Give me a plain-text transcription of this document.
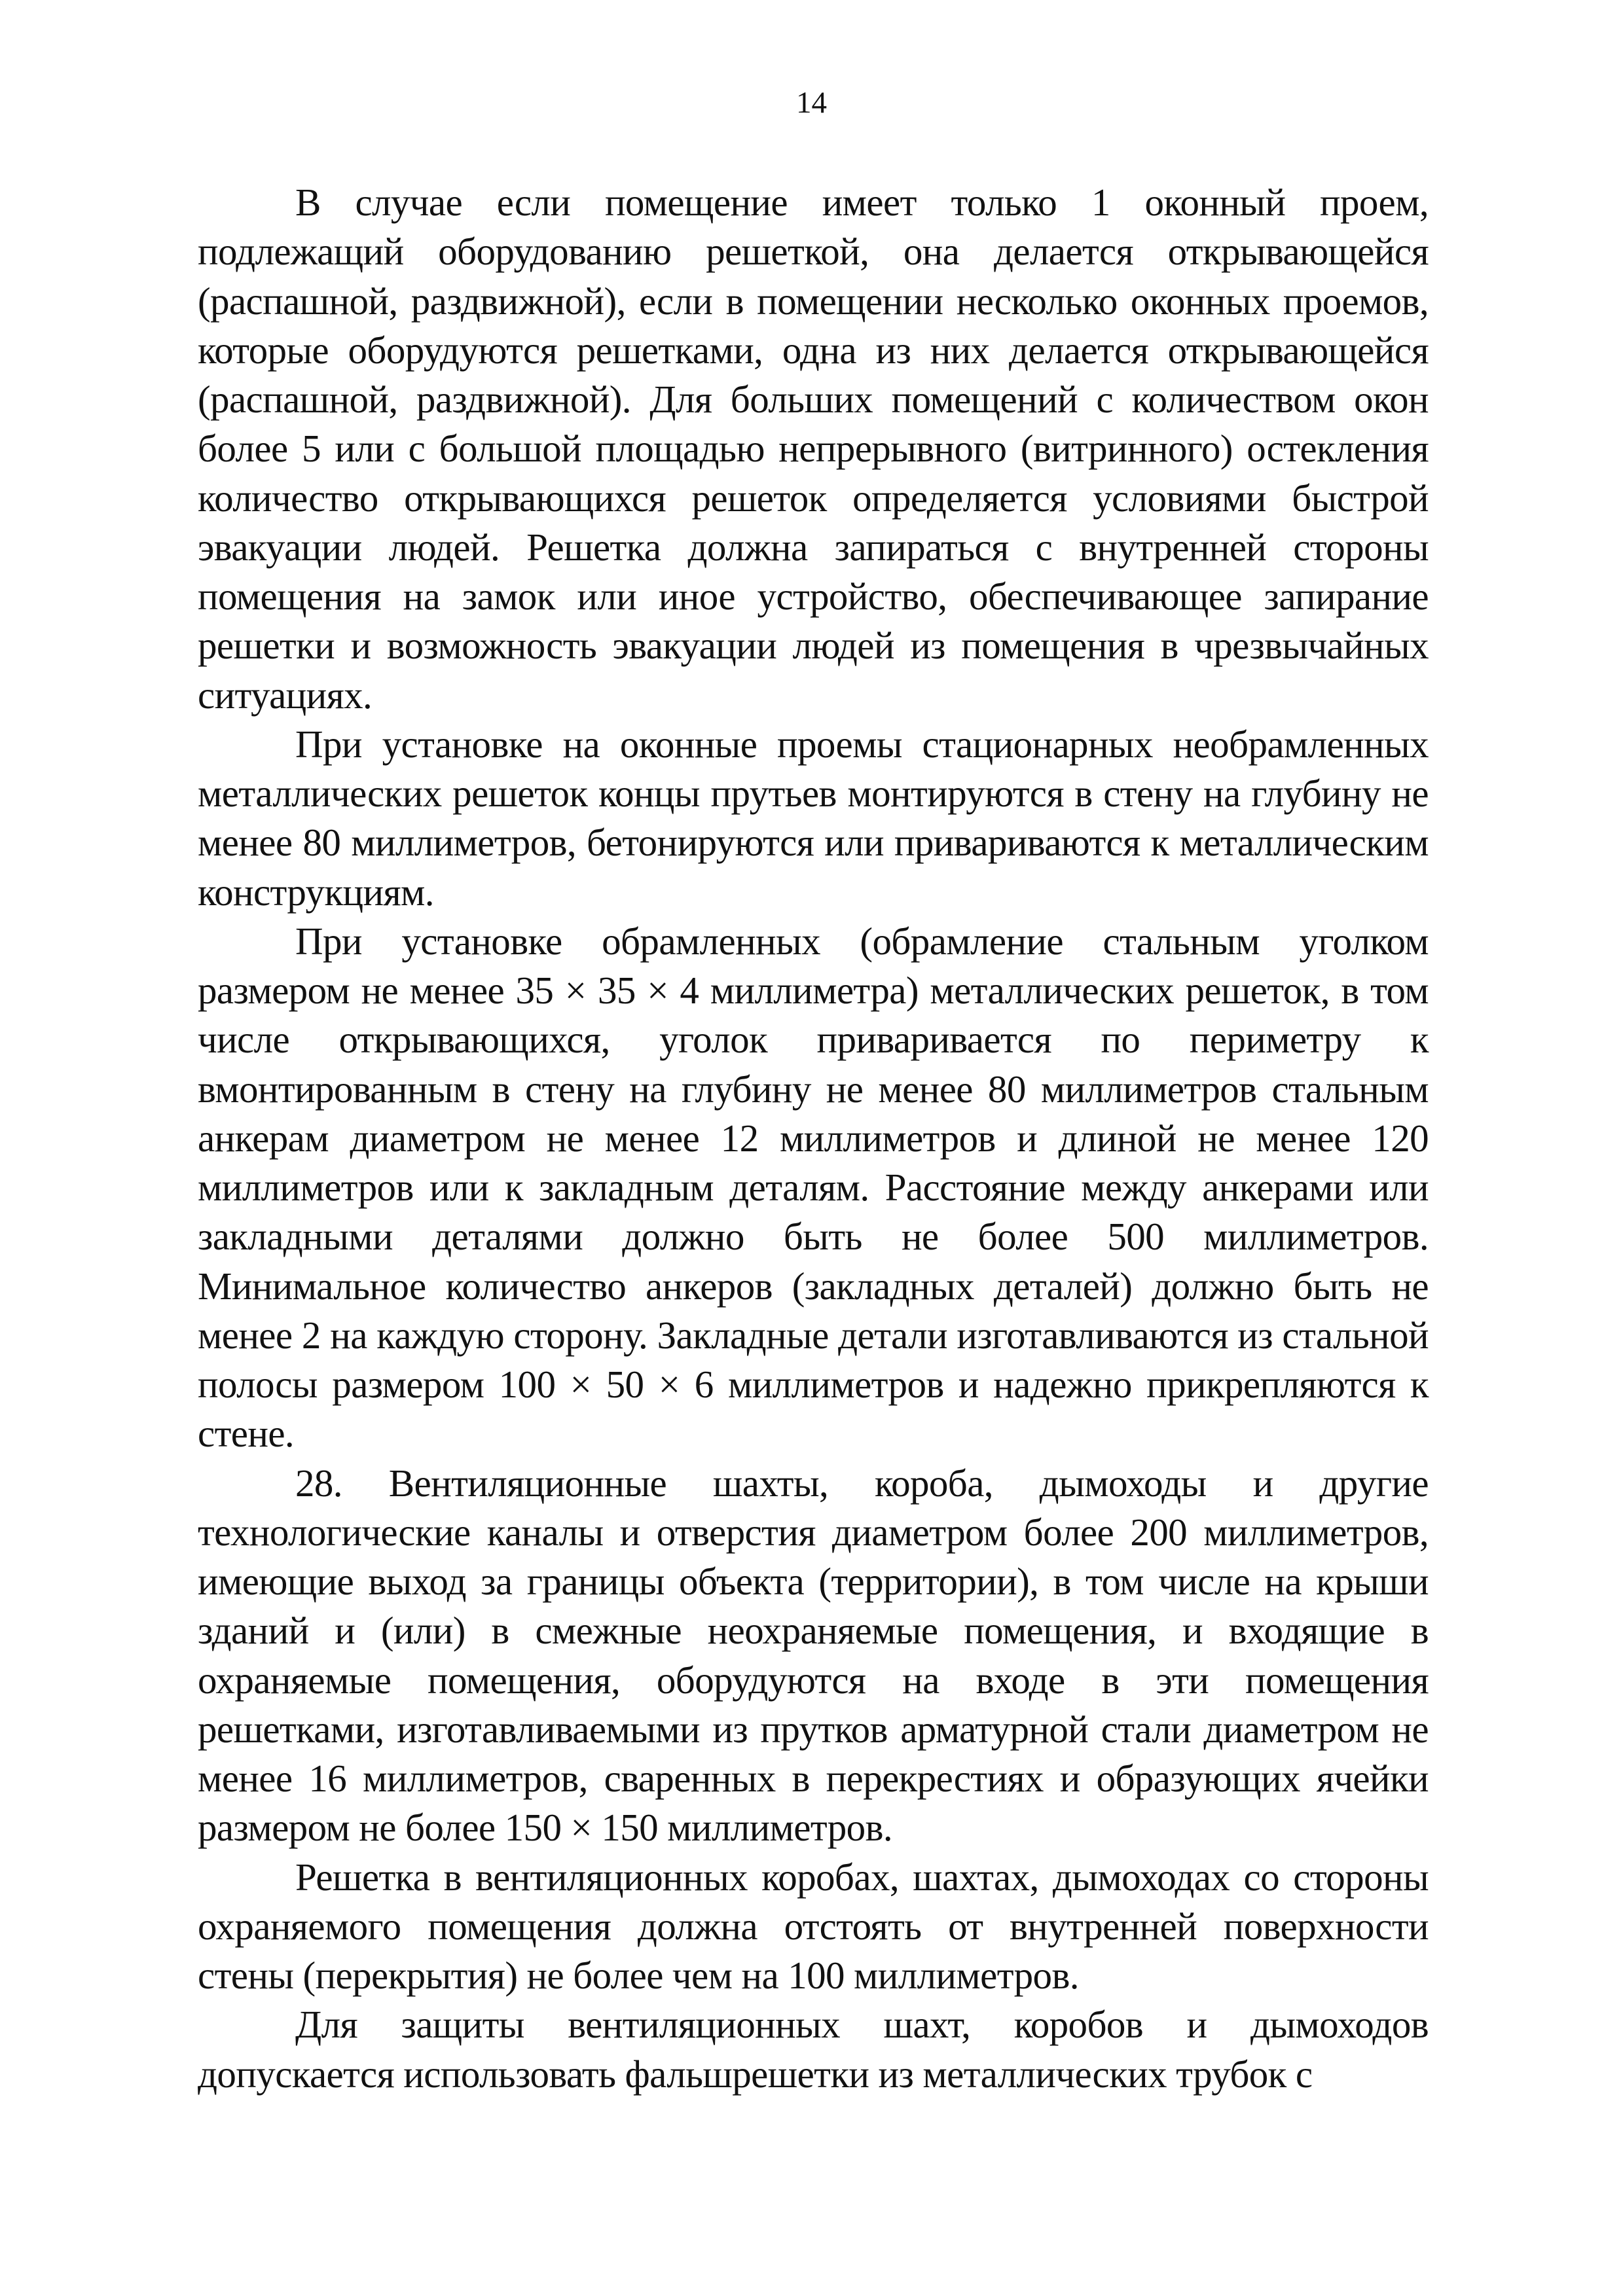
14

В случае если помещение имеет только 1 оконный проем, подлежащий оборудованию решеткой, она делается открывающейся (распашной, раздвижной), если в помещении несколько оконных проемов, которые оборудуются решетками, одна из них делается открывающейся (распашной, раздвижной). Для больших помещений с количеством окон более 5 или с большой площадью непрерывного (витринного) остекления количество открывающихся решеток определяется условиями быстрой эвакуации людей. Решетка должна запираться с внутренней стороны помещения на замок или иное устройство, обеспечивающее запирание решетки и возможность эвакуации людей из помещения в чрезвычайных ситуациях.

При установке на оконные проемы стационарных необрамленных металлических решеток концы прутьев монтируются в стену на глубину не менее 80 миллиметров, бетонируются или привариваются к металлическим конструкциям.

При установке обрамленных (обрамление стальным уголком размером не менее 35 × 35 × 4 миллиметра) металлических решеток, в том числе открывающихся, уголок приваривается по периметру к вмонтированным в стену на глубину не менее 80 миллиметров стальным анкерам диаметром не менее 12 миллиметров и длиной не менее 120 миллиметров или к закладным деталям. Расстояние между анкерами или закладными деталями должно быть не более 500 миллиметров. Минимальное количество анкеров (закладных деталей) должно быть не менее 2 на каждую сторону. Закладные детали изготавливаются из стальной полосы размером 100 × 50 × 6 миллиметров и надежно прикрепляются к стене.

28. Вентиляционные шахты, короба, дымоходы и другие технологические каналы и отверстия диаметром более 200 миллиметров, имеющие выход за границы объекта (территории), в том числе на крыши зданий и (или) в смежные неохраняемые помещения, и входящие в охраняемые помещения, оборудуются на входе в эти помещения решетками, изготавливаемыми из прутков арматурной стали диаметром не менее 16 миллиметров, сваренных в перекрестиях и образующих ячейки размером не более 150 × 150 миллиметров.

Решетка в вентиляционных коробах, шахтах, дымоходах со стороны охраняемого помещения должна отстоять от внутренней поверхности стены (перекрытия) не более чем на 100 миллиметров.

Для защиты вентиляционных шахт, коробов и дымоходов допускается использовать фальшрешетки из металлических трубок с
